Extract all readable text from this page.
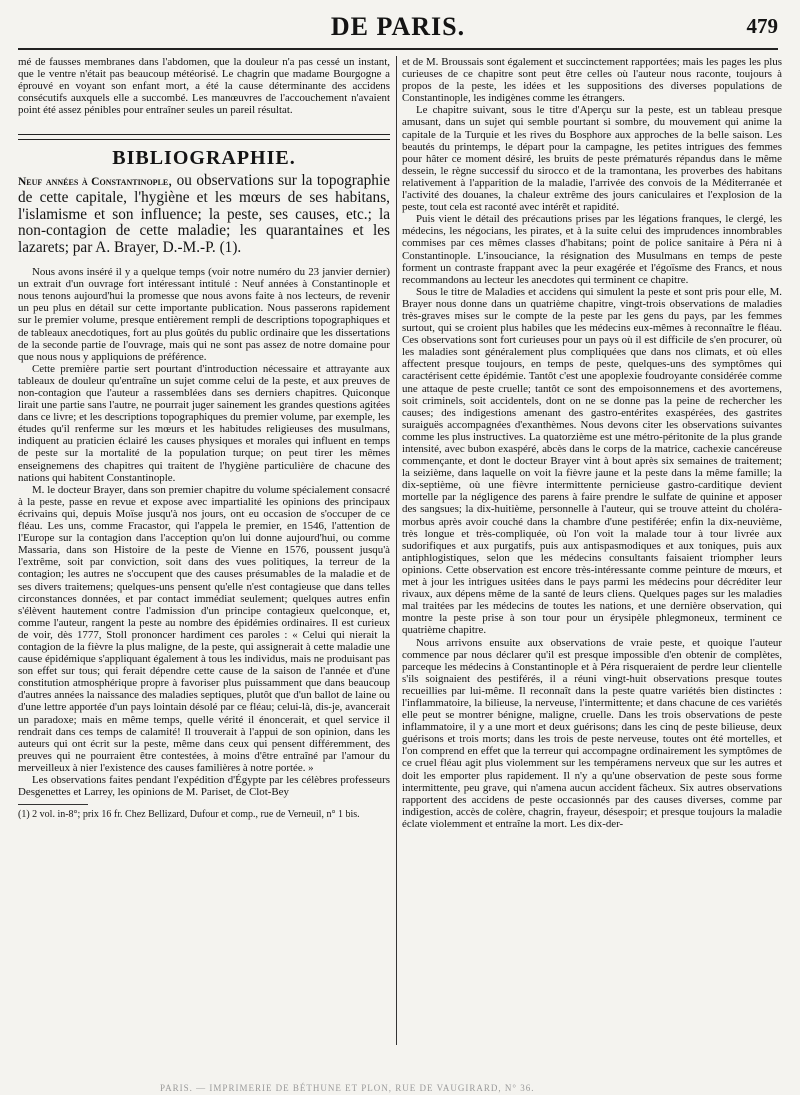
DE PARIS.	479

mé de fausses membranes dans l'abdomen, que la douleur n'a pas cessé un instant, que le ventre n'était pas beaucoup météorisé. Le chagrin que madame Bourgogne a éprouvé en voyant son enfant mort, a été la cause déterminante des accidens consécutifs auxquels elle a succombé. Les manœuvres de l'accouchement n'avaient point été assez pénibles pour entraîner seules un pareil résultat.

BIBLIOGRAPHIE.
Neuf années à Constantinople, ou observations sur la topographie de cette capitale, l'hygiène et les mœurs de ses habitans, l'islamisme et son influence; la peste, ses causes, etc.; la non-contagion de cette maladie; les quarantaines et les lazarets; par A. Brayer, D.-M.-P. (1).

Nous avons inséré il y a quelque temps (voir notre numéro du 23 janvier dernier) un extrait d'un ouvrage fort intéressant intitulé : Neuf années à Constantinople et nous tenons aujourd'hui la promesse que nous avons faite à nos lecteurs, de revenir un peu plus en détail sur cette importante publication. Nous passerons rapidement sur le premier volume, presque entièrement rempli de descriptions topographiques et de tableaux anecdotiques, fort au plus goûtés du public ordinaire que les dissertations de la seconde partie de l'ouvrage, mais qui ne sont pas assez de notre domaine pour que nous nous y appliquions de préférence.

Cette première partie sert pourtant d'introduction nécessaire et attrayante aux tableaux de douleur qu'entraîne un sujet comme celui de la peste, et aux preuves de non-contagion que l'auteur a rassemblées dans ses derniers chapitres. Quiconque lirait une partie sans l'autre, ne pourrait juger sainement les grandes questions agitées dans ce livre; et les descriptions topographiques du premier volume, par exemple, les études qu'il renferme sur les mœurs et les habitudes religieuses des musulmans, indiquent au praticien éclairé les causes physiques et morales qui influent en temps de peste sur la mortalité de la population turque; on peut tirer les mêmes enseignemens des chapitres qui traitent de l'hygiène particulière de chacune des nations qui habitent Constantinople.

M. le docteur Brayer, dans son premier chapitre du volume spécialement consacré à la peste, passe en revue et expose avec impartialité les opinions des principaux écrivains qui, depuis Moïse jusqu'à nos jours, ont eu occasion de s'occuper de ce fléau. Les uns, comme Fracastor, qui l'appela le premier, en 1546, l'attention de l'Europe sur la contagion dans l'acception qu'on lui donne aujourd'hui, ou comme Massaria, dans son Histoire de la peste de Vienne en 1576, poussent jusqu'à l'extrême, soit par conviction, soit dans des vues politiques, la terreur de la contagion; les autres ne s'occupent que des causes présumables de la maladie et de ses divers traitemens; quelques-uns pensent qu'elle n'est contagieuse que dans telles circonstances données, et par contact immédiat seulement; quelques autres enfin s'élèvent hautement contre l'admission d'un principe contagieux quelconque, et, comme l'auteur, rangent la peste au nombre des épidémies ordinaires. Il est curieux de voir, dès 1777, Stoll prononcer hardiment ces paroles : « Celui qui nierait la contagion de la fièvre la plus maligne, de la peste, qui assignerait à cette maladie une cause épidémique s'appliquant également à tous les individus, mais ne produisant pas son effet sur tous; qui ferait dépendre cette cause de la saison de l'année et d'une constitution atmosphérique propre à favoriser plus puissamment que dans beaucoup d'autres années la naissance des maladies septiques, plutôt que d'un ballot de laine ou d'une lettre apportée d'un pays lointain désolé par ce fléau; celui-là, dis-je, avancerait un paradoxe; mais en même temps, quelle vérité il énoncerait, et quel service il rendrait dans ces temps de calamité! Il trouverait à l'appui de son opinion, dans les auteurs qui ont écrit sur la peste, même dans ceux qui pensent différemment, des preuves qui ne pourraient être contestées, à moins d'être entraîné par l'amour du merveilleux à nier l'existence des causes familières à notre portée. »

Les observations faites pendant l'expédition d'Égypte par les célèbres professeurs Desgenettes et Larrey, les opinions de M. Pariset, de Clot-Bey

(1) 2 vol. in-8°; prix 16 fr. Chez Bellizard, Dufour et comp., rue de Verneuil, n° 1 bis.

et de M. Broussais sont également et succinctement rapportées; mais les pages les plus curieuses de ce chapitre sont peut être celles où l'auteur nous raconte, toujours à propos de la peste, les idées et les suppositions des diverses populations de Constantinople, les indigènes comme les étrangers.

Le chapitre suivant, sous le titre d'Aperçu sur la peste, est un tableau presque amusant, dans un sujet qui semble pourtant si sombre, du mouvement qui anime la capitale de la Turquie et les rives du Bosphore aux approches de la belle saison. Les beautés du printemps, le départ pour la campagne, les petites intrigues des femmes pour hâter ce moment désiré, les bruits de peste prématurés répandus dans le même dessein, le règne successif du sirocco et de la tramontana, les proverbes des habitans relativement à l'apparition de la maladie, l'arrivée des convois de la Méditerranée et l'activité des douanes, la chaleur extrême des jours caniculaires et l'explosion de la peste, tout cela est raconté avec intérêt et rapidité.

Puis vient le détail des précautions prises par les légations franques, le clergé, les médecins, les négocians, les pirates, et à la suite celui des imprudences innombrables commises par ces mêmes classes d'habitans; point de police sanitaire à Péra ni à Constantinople. L'insouciance, la résignation des Musulmans en temps de peste forment un contraste frappant avec la peur exagérée et l'égoïsme des Francs, et nous recommandons au lecteur les anecdotes qui terminent ce chapitre.

Sous le titre de Maladies et accidens qui simulent la peste et sont pris pour elle, M. Brayer nous donne dans un quatrième chapitre, vingt-trois observations de maladies très-graves mises sur le compte de la peste par les gens du pays, par les femmes surtout, qui se croient plus habiles que les médecins eux-mêmes à reconnaître le fléau. Ces observations sont fort curieuses pour un pays où il est difficile de s'en procurer, où les maladies sont généralement plus compliquées que dans nos climats, et où elles affectent presque toujours, en temps de peste, quelques-uns des symptômes qui caractérisent cette épidémie. Tantôt c'est une apoplexie foudroyante considérée comme une attaque de peste cruelle; tantôt ce sont des empoisonnemens et des avortemens, soit criminels, soit accidentels, dont on ne se donne pas la peine de rechercher les causes; des indigestions amenant des gastro-entérites exaspérées, des gastrites suraiguës accompagnées d'exanthèmes. Nous devons citer les observations suivantes comme les plus instructives. La quatorzième est une métro-péritonite de la plus grande intensité, avec bubon exaspéré, abcès dans le corps de la matrice, cachexie cancéreuse commençante, et dont le docteur Brayer vint à bout après six semaines de traitement; la seizième, dans laquelle on voit la fièvre jaune et la peste dans la même famille; la dix-septième, où une fièvre intermittente pernicieuse gastro-carditique devient mortelle par la négligence des parens à faire prendre le sulfate de quinine et apposer des sangsues; la dix-huitième, personnelle à l'auteur, qui se trouve atteint du choléra-morbus après avoir couché dans la chambre d'une pestiférée; enfin la dix-neuvième, très longue et très-compliquée, où l'on voit la malade tour à tour livrée aux sudorifiques et aux purgatifs, puis aux antispasmodiques et aux toniques, puis aux antiphlogistiques, selon que les médecins consultants faisaient triompher leurs opinions. Cette observation est encore très-intéressante comme peinture de mœurs, et met à jour les intrigues usitées dans le pays parmi les médecins pour décréditer leur rivaux, aux dépens même de la santé de leurs cliens. Quelques pages sur les maladies mal traitées par les médecins de toutes les nations, et une dernière observation, qui montre la peste prise à son tour pour un érysipèle phlegmoneux, terminent ce quatrième chapitre.

Nous arrivons ensuite aux observations de vraie peste, et quoique l'auteur commence par nous déclarer qu'il est presque impossible d'en obtenir de complètes, parceque les médecins à Constantinople et à Péra risqueraient de perdre leur clientelle s'ils soignaient des pestiférés, il a réuni vingt-huit observations presque toutes recueillies par lui-même. Il reconnaît dans la peste quatre variétés bien distinctes : l'inflammatoire, la bilieuse, la nerveuse, l'intermittente; et dans chacune de ces variétés elle peut se montrer bénigne, maligne, cruelle. Dans les trois observations de peste inflammatoire, il y a une mort et deux guérisons; dans les cinq de peste bilieuse, deux guérisons et trois morts; dans les trois de peste nerveuse, toutes ont été mortelles, et l'on comprend en effet que la terreur qui accompagne ordinairement les symptômes de ce cruel fléau agit plus violemment sur les tempéramens nerveux que sur les autres et doit les emporter plus rapidement. Il n'y a qu'une observation de peste sous forme intermittente, peu grave, qui n'amena aucun accident fâcheux. Six autres observations rapportent des accidens de peste occasionnés par des causes diverses, comme par indigestion, accès de colère, chagrin, frayeur, désespoir; et presque toujours la maladie éclate violemment et entraîne la mort. Les dix-der-

PARIS. — IMPRIMERIE DE BÉTHUNE ET PLON, RUE DE VAUGIRARD, N° 36.
